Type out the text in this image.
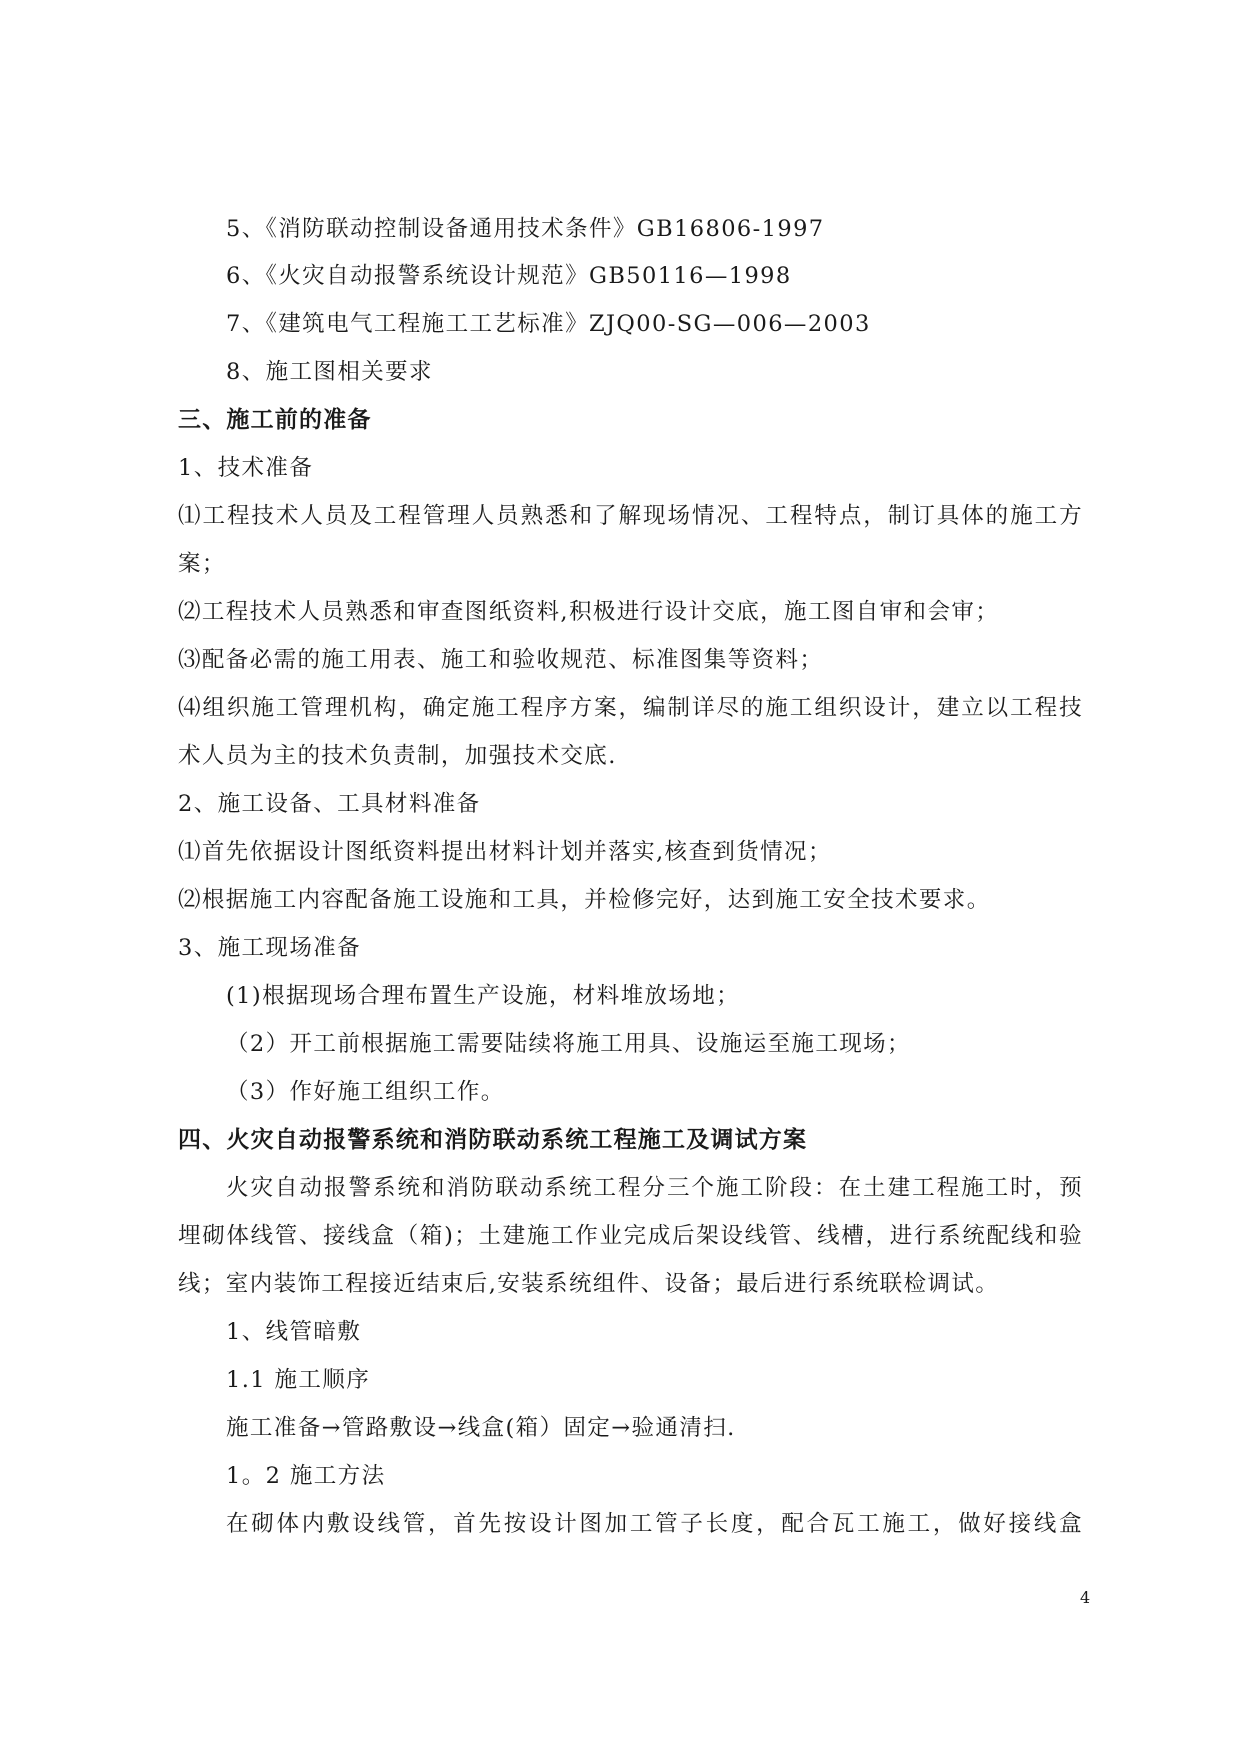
5、《消防联动控制设备通用技术条件》GB16806-1997
6、《火灾自动报警系统设计规范》GB50116—1998
7、《建筑电气工程施工工艺标准》ZJQ00-SG—006—2003
8、施工图相关要求
三、施工前的准备
1、技术准备
⑴工程技术人员及工程管理人员熟悉和了解现场情况、工程特点，制订具体的施工方
案；
⑵工程技术人员熟悉和审查图纸资料,积极进行设计交底，施工图自审和会审；
⑶配备必需的施工用表、施工和验收规范、标准图集等资料；
⑷组织施工管理机构，确定施工程序方案，编制详尽的施工组织设计，建立以工程技
术人员为主的技术负责制，加强技术交底.
2、施工设备、工具材料准备
⑴首先依据设计图纸资料提出材料计划并落实,核查到货情况；
⑵根据施工内容配备施工设施和工具，并检修完好，达到施工安全技术要求。
3、施工现场准备
(1)根据现场合理布置生产设施，材料堆放场地；
（2）开工前根据施工需要陆续将施工用具、设施运至施工现场；
（3）作好施工组织工作。
四、火灾自动报警系统和消防联动系统工程施工及调试方案
火灾自动报警系统和消防联动系统工程分三个施工阶段：在土建工程施工时，预
埋砌体线管、接线盒（箱)；土建施工作业完成后架设线管、线槽，进行系统配线和验
线；室内装饰工程接近结束后,安装系统组件、设备；最后进行系统联检调试。
1、线管暗敷
1.1 施工顺序
施工准备→管路敷设→线盒(箱）固定→验通清扫.
1。2 施工方法
在砌体内敷设线管，首先按设计图加工管子长度，配合瓦工施工，做好接线盒
4
